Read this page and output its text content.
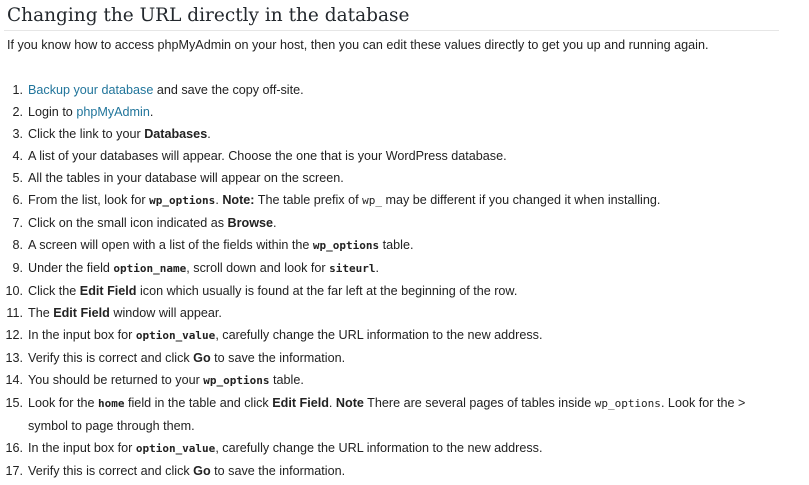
Changing the URL directly in the database

If you know how to access phpMyAdmin on your host, then you can edit these values directly to get you up and running again.

1. Backup your database and save the copy off-site.
2. Login to phpMyAdmin.
3. Click the link to your Databases.
4. A list of your databases will appear. Choose the one that is your WordPress database.
5. All the tables in your database will appear on the screen.
6. From the list, look for wp_options. Note: The table prefix of wp_ may be different if you changed it when installing.
7. Click on the small icon indicated as Browse.
8. A screen will open with a list of the fields within the wp_options table.
9. Under the field option_name, scroll down and look for siteurl.
10. Click the Edit Field icon which usually is found at the far left at the beginning of the row.
11. The Edit Field window will appear.
12. In the input box for option_value, carefully change the URL information to the new address.
13. Verify this is correct and click Go to save the information.
14. You should be returned to your wp_options table.
15. Look for the home field in the table and click Edit Field. Note There are several pages of tables inside wp_options. Look for the > symbol to page through them.
16. In the input box for option_value, carefully change the URL information to the new address.
17. Verify this is correct and click Go to save the information.
